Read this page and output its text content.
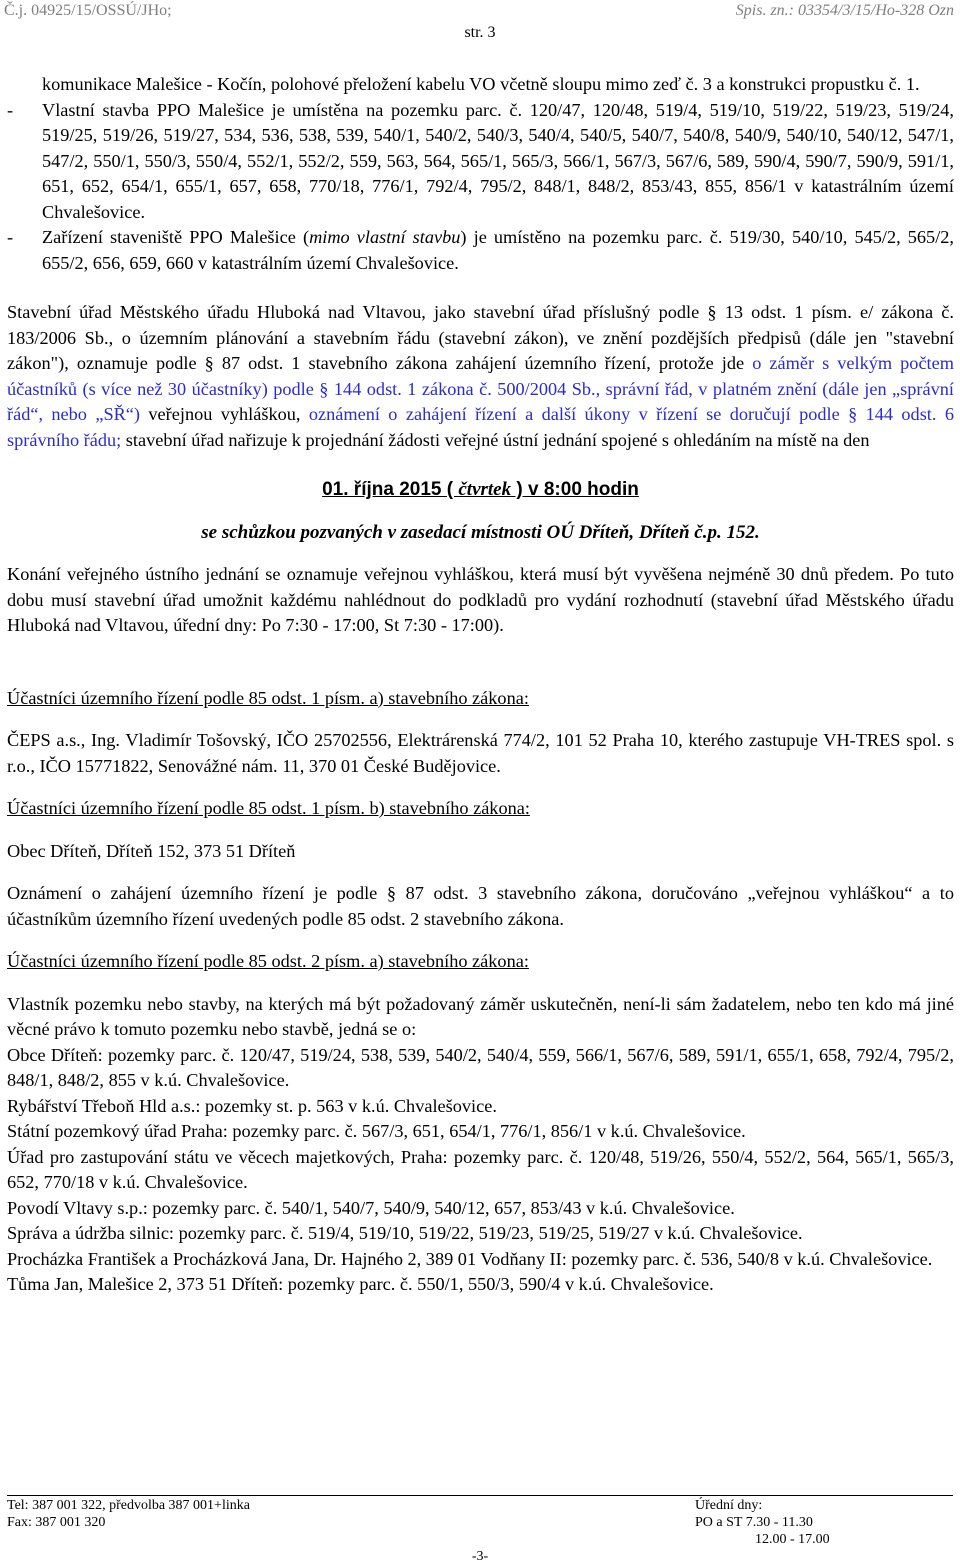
Č.j. 04925/15/OSSÚ/JHo;	Spis. zn.: 03354/3/15/Ho-328 Ozn
str. 3

komunikace Malešice - Kočín, polohové přeložení kabelu VO včetně sloupu mimo zeď č. 3 a konstrukci propustku č. 1.

- Vlastní stavba PPO Malešice je umístěna na pozemku parc. č. 120/47, 120/48, 519/4, 519/10, 519/22, 519/23, 519/24, 519/25, 519/26, 519/27, 534, 536, 538, 539, 540/1, 540/2, 540/3, 540/4, 540/5, 540/7, 540/8, 540/9, 540/10, 540/12, 547/1, 547/2, 550/1, 550/3, 550/4, 552/1, 552/2, 559, 563, 564, 565/1, 565/3, 566/1, 567/3, 567/6, 589, 590/4, 590/7, 590/9, 591/1, 651, 652, 654/1, 655/1, 657, 658, 770/18, 776/1, 792/4, 795/2, 848/1, 848/2, 853/43, 855, 856/1 v katastrálním území Chvalešovice.

- Zařízení staveniště PPO Malešice (mimo vlastní stavbu) je umístěno na pozemku parc. č. 519/30, 540/10, 545/2, 565/2, 655/2, 656, 659, 660 v katastrálním území Chvalešovice.

Stavební úřad Městského úřadu Hluboká nad Vltavou, jako stavební úřad příslušný podle § 13 odst. 1 písm. e/ zákona č. 183/2006 Sb., o územním plánování a stavebním řádu (stavební zákon), ve znění pozdějších předpisů (dále jen "stavební zákon"), oznamuje podle § 87 odst. 1 stavebního zákona zahájení územního řízení, protože jde o záměr s velkým počtem účastníků (s více než 30 účastníky) podle § 144 odst. 1 zákona č. 500/2004 Sb., správní řád, v platném znění (dále jen „správní řád“, nebo „SŘ“) veřejnou vyhláškou, oznámení o zahájení řízení a další úkony v řízení se doručují podle § 144 odst. 6 správního řádu; stavební úřad nařizuje k projednání žádosti veřejné ústní jednání spojené s ohledáním na místě na den

01. října 2015 ( čtvrtek ) v 8:00 hodin

se schůzkou pozvaných v zasedací místnosti OÚ Dříteň, Dříteň č.p. 152.

Konání veřejného ústního jednání se oznamuje veřejnou vyhláškou, která musí být vyvěšena nejméně 30 dnů předem. Po tuto dobu musí stavební úřad umožnit každému nahlédnout do podkladů pro vydání rozhodnutí (stavební úřad Městského úřadu Hluboká nad Vltavou, úřední dny: Po 7:30 - 17:00, St 7:30 - 17:00).

Účastníci územního řízení podle 85 odst. 1 písm. a) stavebního zákona:

ČEPS a.s., Ing. Vladimír Tošovský, IČO 25702556, Elektrárenská 774/2, 101 52 Praha 10, kterého zastupuje VH-TRES spol. s r.o., IČO 15771822, Senovážné nám. 11, 370 01 České Budějovice.

Účastníci územního řízení podle 85 odst. 1 písm. b) stavebního zákona:

Obec Dříteň, Dříteň 152, 373 51 Dříteň

Oznámení o zahájení územního řízení je podle § 87 odst. 3 stavebního zákona, doručováno „veřejnou vyhláškou“ a to účastníkům územního řízení uvedených podle 85 odst. 2 stavebního zákona.

Účastníci územního řízení podle 85 odst. 2 písm. a) stavebního zákona:

Vlastník pozemku nebo stavby, na kterých má být požadovaný záměr uskutečněn, není-li sám žadatelem, nebo ten kdo má jiné věcné právo k tomuto pozemku nebo stavbě, jedná se o:

Obce Dříteň: pozemky parc. č. 120/47, 519/24, 538, 539, 540/2, 540/4, 559, 566/1, 567/6, 589, 591/1, 655/1, 658, 792/4, 795/2, 848/1, 848/2, 855 v k.ú. Chvalešovice.

Rybářství Třeboň Hld a.s.: pozemky st. p. 563 v k.ú. Chvalešovice.

Státní pozemkový úřad Praha: pozemky parc. č. 567/3, 651, 654/1, 776/1, 856/1 v k.ú. Chvalešovice.

Úřad pro zastupování státu ve věcech majetkových, Praha: pozemky parc. č. 120/48, 519/26, 550/4, 552/2, 564, 565/1, 565/3, 652, 770/18 v k.ú. Chvalešovice.

Povodí Vltavy s.p.: pozemky parc. č. 540/1, 540/7, 540/9, 540/12, 657, 853/43 v k.ú. Chvalešovice.

Správa a údržba silnic: pozemky parc. č. 519/4, 519/10, 519/22, 519/23, 519/25, 519/27 v k.ú. Chvalešovice.

Procházka František a Procházková Jana, Dr. Hajného 2, 389 01 Vodňany II: pozemky parc. č. 536, 540/8 v k.ú. Chvalešovice.

Tůma Jan, Malešice 2, 373 51 Dříteň: pozemky parc. č. 550/1, 550/3, 590/4 v k.ú. Chvalešovice.

Tel: 387 001 322, předvolba 387 001+linka
Fax: 387 001 320
Úřední dny:
PO a ST 7.30 - 11.30
12.00 - 17.00
-3-
